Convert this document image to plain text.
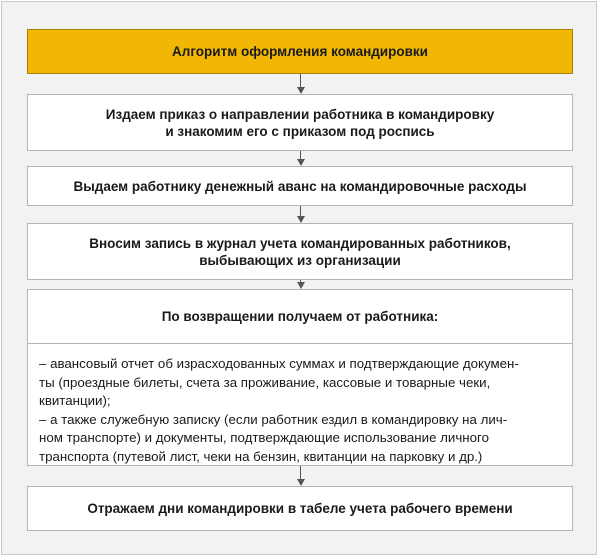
Алгоритм оформления командировки
Издаем приказ о направлении работника в командировку
и знакомим его с приказом под роспись
Выдаем работнику денежный аванс на командировочные расходы
Вносим запись в журнал учета командированных работников,
выбывающих из организации
По возвращении получаем от работника:
– авансовый отчет об израсходованных суммах и подтверждающие докумен-
ты (проездные билеты, счета за проживание, кассовые и товарные чеки,
квитанции);
– а также служебную записку (если работник ездил в командировку на лич-
ном транспорте) и документы, подтверждающие использование личного
транспорта (путевой лист, чеки на бензин, квитанции на парковку и др.)
Отражаем дни командировки в табеле учета рабочего времени
